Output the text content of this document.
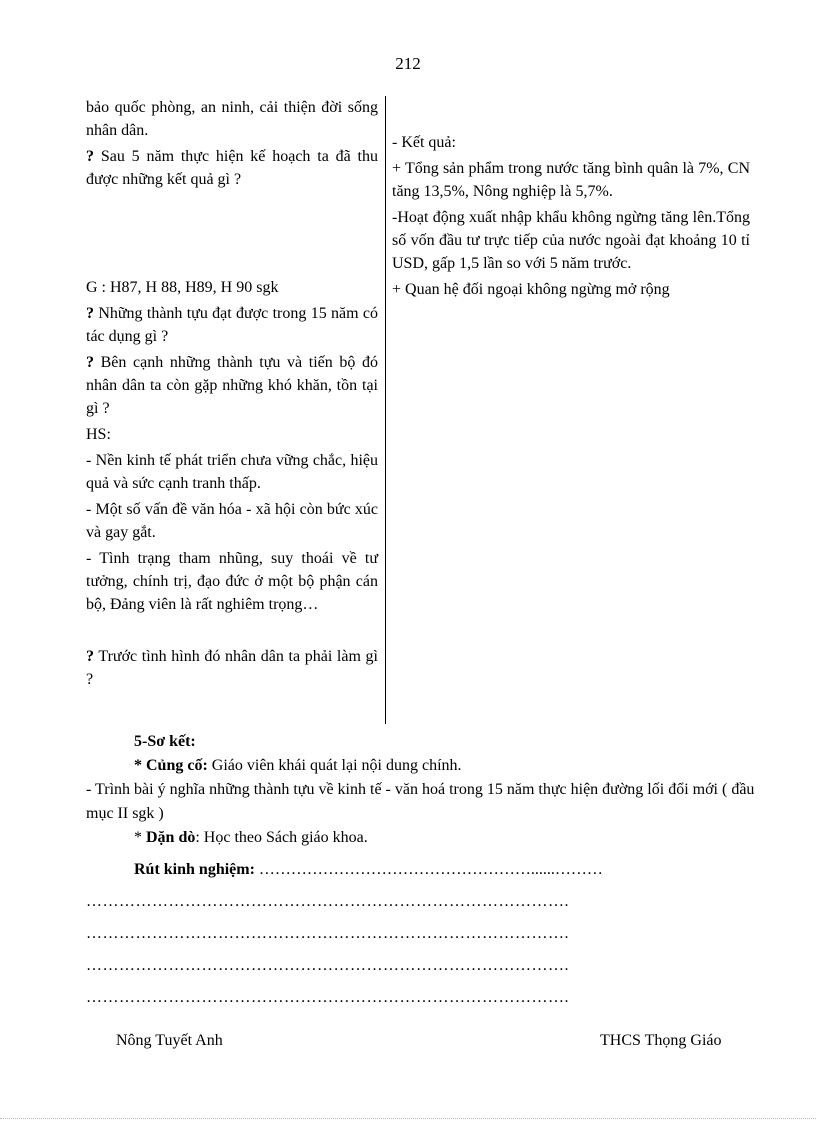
212

bảo quốc phòng, an ninh, cải thiện đời sống nhân dân.

? Sau 5 năm thực hiện kế hoạch ta đã thu được những kết quả gì ?

G : H87, H 88, H89, H 90 sgk

? Những thành tựu đạt được trong 15 năm có tác dụng gì ?

? Bên cạnh những thành tựu và tiến bộ đó nhân dân ta còn gặp những khó khăn, tồn tại gì ?

HS:

- Nền kinh tế phát triển chưa vững chắc, hiệu quả và sức cạnh tranh thấp.

- Một số vấn đề văn hóa - xã hội còn bức xúc và gay gắt.

- Tình trạng tham nhũng, suy thoái về tư tưởng, chính trị, đạo đức ở một bộ phận cán bộ, Đảng viên là rất nghiêm trọng…

? Trước tình hình đó nhân dân ta phải làm gì ?

- Kết quả:

+ Tổng sản phẩm trong nước tăng bình quân là 7%, CN tăng 13,5%, Nông nghiệp là 5,7%.

-Hoạt động xuất nhập khẩu không ngừng tăng lên.Tổng số vốn đầu tư trực tiếp của nước ngoài đạt khoảng 10 tỉ USD, gấp 1,5 lần so với 5 năm trước.

+ Quan hệ đối ngoại không ngừng mở rộng

5-Sơ kết:
* Củng cố: Giáo viên khái quát lại nội dung chính.
- Trình bài ý nghĩa những thành tựu về kinh tế - văn hoá trong 15 năm thực hiện đường lối đổi mới ( đầu mục II sgk )
* Dặn dò: Học theo Sách giáo khoa.
Rút kinh nghiệm: ……………………………………………......………
…………………………………………………………………………….
…………………………………………………………………………….
…………………………………………………………………………….
…………………………………………………………………………….
Nông Tuyết Anh	THCS Thọng Giáo
